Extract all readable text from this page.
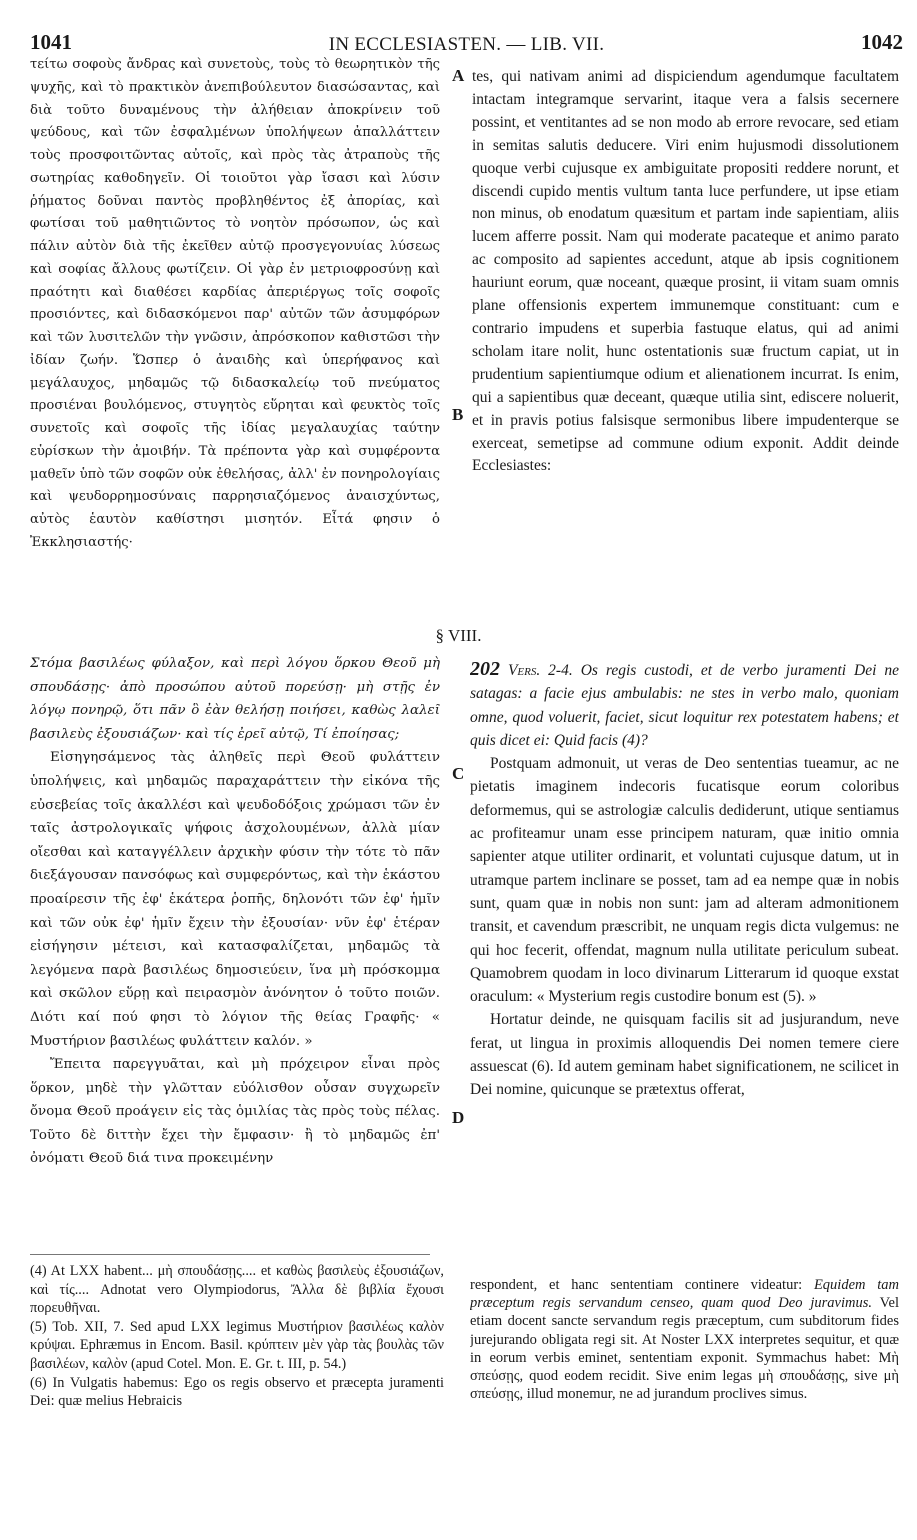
1041	IN ECCLESIASTEN. — LIB. VII.	1042

τείτω σοφοὺς ἄνδρας καὶ συνετοὺς, τοὺς τὸ θεωρητικὸν τῆς ψυχῆς, καὶ τὸ πρακτικὸν ἀνεπιβούλευτον διασώσαντας, καὶ διὰ τοῦτο δυναμένους τὴν ἀλήθειαν ἀποκρίνειν τοῦ ψεύδους, καὶ τῶν ἐσφαλμένων ὑπολήψεων ἀπαλλάττειν τοὺς προσφοιτῶντας αὐτοῖς, καὶ πρὸς τὰς ἀτραποὺς τῆς σωτηρίας καθοδηγεῖν. Οἱ τοιοῦτοι γὰρ ἴσασι καὶ λύσιν ῥήματος δοῦναι παντὸς προβληθέντος ἐξ ἀπορίας, καὶ φωτίσαι τοῦ μαθητιῶντος τὸ νοητὸν πρόσωπον, ὡς καὶ πάλιν αὐτὸν διὰ τῆς ἐκεῖθεν αὐτῷ προσγεγονυίας λύσεως καὶ σοφίας ἄλλους φωτίζειν. Οἱ γὰρ ἐν μετριοφροσύνῃ καὶ πραότητι καὶ διαθέσει καρδίας ἀπεριέργως τοῖς σοφοῖς προσιόντες, καὶ διδασκόμενοι παρ' αὐτῶν τῶν ἀσυμφόρων καὶ τῶν λυσιτελῶν τὴν γνῶσιν, ἀπρόσκοπον καθιστῶσι τὴν ἰδίαν ζωήν. Ὥσπερ ὁ ἀναιδὴς καὶ ὑπερήφανος καὶ μεγάλαυχος, μηδαμῶς τῷ διδασκαλείῳ τοῦ πνεύματος προσιέναι βουλόμενος, στυγητὸς εὕρηται καὶ φευκτὸς τοῖς συνετοῖς καὶ σοφοῖς τῆς ἰδίας μεγαλαυχίας ταύτην εὑρίσκων τὴν ἀμοιβήν. Τὰ πρέποντα γὰρ καὶ συμφέροντα μαθεῖν ὑπὸ τῶν σοφῶν οὐκ ἐθελήσας, ἀλλ' ἐν πονηρολογίαις καὶ ψευδορρημοσύναις παρρησιαζόμενος ἀναισχύντως, αὐτὸς ἑαυτὸν καθίστησι μισητόν. Εἶτά φησιν ὁ Ἐκκλησιαστής·

A
B

tes, qui nativam animi ad dispiciendum agendumque facultatem intactam integramque servarint, itaque vera a falsis secernere possint, et ventitantes ad se non modo ab errore revocare, sed etiam in semitas salutis deducere. Viri enim hujusmodi dissolutionem quoque verbi cujusque ex ambiguitate propositi reddere norunt, et discendi cupido mentis vultum tanta luce perfundere, ut ipse etiam non minus, ob enodatum quæsitum et partam inde sapientiam, aliis lucem afferre possit. Nam qui moderate pacateque et animo parato ac composito ad sapientes accedunt, atque ab ipsis cognitionem hauriunt eorum, quæ noceant, quæque prosint, ii vitam suam omnis plane offensionis expertem immunemque constituant: cum e contrario impudens et superbia fastuque elatus, qui ad animi scholam itare nolit, hunc ostentationis suæ fructum capiat, ut in prudentium sapientiumque odium et alienationem incurrat. Is enim, qui a sapientibus quæ deceant, quæque utilia sint, ediscere noluerit, et in pravis potius falsisque sermonibus libere impudenterque se exerceat, semetipse ad commune odium exponit. Addit deinde Ecclesiastes:

§ VIII.

Στόμα βασιλέως φύλαξον, καὶ περὶ λόγου ὅρκου Θεοῦ μὴ σπουδάσῃς· ἀπὸ προσώπου αὐτοῦ πορεύσῃ· μὴ στῇς ἐν λόγῳ πονηρῷ, ὅτι πᾶν ὃ ἐὰν θελήσῃ ποιήσει, καθὼς λαλεῖ βασιλεὺς ἐξουσιάζων· καὶ τίς ἐρεῖ αὐτῷ, Τί ἐποίησας;

Εἰσηγησάμενος τὰς ἀληθεῖς περὶ Θεοῦ φυλάττειν ὑπολήψεις, καὶ μηδαμῶς παραχαράττειν τὴν εἰκόνα τῆς εὐσεβείας τοῖς ἀκαλλέσι καὶ ψευδοδόξοις χρώμασι τῶν ἐν ταῖς ἀστρολογικαῖς ψήφοις ἀσχολουμένων, ἀλλὰ μίαν οἴεσθαι καὶ καταγγέλλειν ἀρχικὴν φύσιν τὴν τότε τὸ πᾶν διεξάγουσαν πανσόφως καὶ συμφερόντως, καὶ τὴν ἑκάστου προαίρεσιν τῆς ἐφ' ἑκάτερα ῥοπῆς, δηλονότι τῶν ἐφ' ἡμῖν καὶ τῶν οὐκ ἐφ' ἡμῖν ἔχειν τὴν ἐξουσίαν· νῦν ἐφ' ἑτέραν εἰσήγησιν μέτεισι, καὶ κατασφαλίζεται, μηδαμῶς τὰ λεγόμενα παρὰ βασιλέως δημοσιεύειν, ἵνα μὴ πρόσκομμα καὶ σκῶλον εὕρῃ καὶ πειρασμὸν ἀνόνητον ὁ τοῦτο ποιῶν. Διότι καί πού φησι τὸ λόγιον τῆς θείας Γραφῆς· « Μυστήριον βασιλέως φυλάττειν καλόν. »

Ἔπειτα παρεγγυᾶται, καὶ μὴ πρόχειρον εἶναι πρὸς ὅρκον, μηδὲ τὴν γλῶτταν εὐόλισθον οὖσαν συγχωρεῖν ὄνομα Θεοῦ προάγειν εἰς τὰς ὁμιλίας τὰς πρὸς τοὺς πέλας. Τοῦτο δὲ διττὴν ἔχει τὴν ἔμφασιν· ἢ τὸ μηδαμῶς ἐπ' ὀνόματι Θεοῦ διά τινα προκειμένην

C
D

202 Vers. 2-4. Os regis custodi, et de verbo juramenti Dei ne satagas: a facie ejus ambulabis: ne stes in verbo malo, quoniam omne, quod voluerit, faciet, sicut loquitur rex potestatem habens; et quis dicet ei: Quid facis (4)?

Postquam admonuit, ut veras de Deo sententias tueamur, ac ne pietatis imaginem indecoris fucatisque eorum coloribus deformemus, qui se astrologiæ calculis dediderunt, utique sentiamus ac profiteamur unam esse principem naturam, quæ initio omnia sapienter atque utiliter ordinarit, et voluntati cujusque datum, ut in utramque partem inclinare se posset, tam ad ea nempe quæ in nobis sunt, quam quæ in nobis non sunt: jam ad alteram admonitionem transit, et cavendum præscribit, ne unquam regis dicta vulgemus: ne qui hoc fecerit, offendat, magnum nulla utilitate periculum subeat. Quamobrem quodam in loco divinarum Litterarum id quoque exstat oraculum: « Mysterium regis custodire bonum est (5). »

Hortatur deinde, ne quisquam facilis sit ad jusjurandum, neve ferat, ut lingua in proximis alloquendis Dei nomen temere ciere assuescat (6). Id autem geminam habet significationem, ne scilicet in Dei nomine, quicunque se prætextus offerat,

(4) At LXX habent... μὴ σπουδάσῃς.... et καθὼς βασιλεὺς ἐξουσιάζων, καὶ τίς.... Adnotat vero Olympiodorus, Ἄλλα δὲ βιβλία ἔχουσι πορευθῆναι.

(5) Tob. XII, 7. Sed apud LXX legimus Μυστήριον βασιλέως καλὸν κρύψαι. Ephræmus in Encom. Basil. κρύπτειν μὲν γὰρ τὰς βουλὰς τῶν βασιλέων, καλὸν (apud Cotel. Mon. E. Gr. t. III, p. 54.)

(6) In Vulgatis habemus: Ego os regis observo et præcepta juramenti Dei: quæ melius Hebraicis

respondent, et hanc sententiam continere videatur: Equidem tam præceptum regis servandum censeo, quam quod Deo juravimus. Vel etiam docent sancte servandum regis præceptum, cum subditorum fides jurejurando obligata regi sit. At Noster LXX interpretes sequitur, et quæ in eorum verbis eminet, sententiam exponit. Symmachus habet: Μὴ σπεύσῃς, quod eodem recidit. Sive enim legas μὴ σπουδάσῃς, sive μὴ σπεύσῃς, illud monemur, ne ad jurandum proclives simus.
